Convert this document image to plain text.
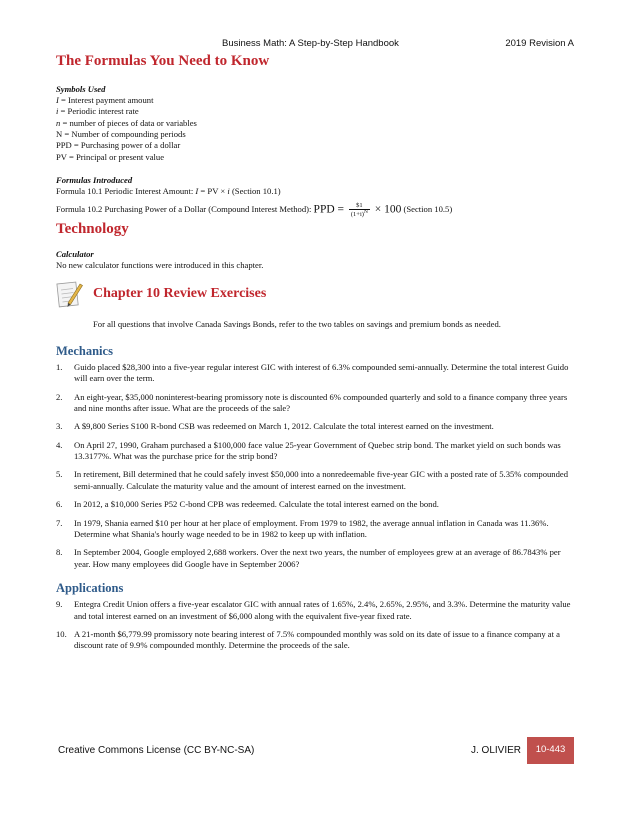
Business Math: A Step-by-Step Handbook	2019 Revision A
The Formulas You Need to Know

Symbols Used

I = Interest payment amount

i = Periodic interest rate

n = number of pieces of data or variables

N = Number of compounding periods

PPD = Purchasing power of a dollar

PV = Principal or present value

Formulas Introduced

Formula 10.1 Periodic Interest Amount: I = PV × i (Section 10.1)

Formula 10.2 Purchasing Power of a Dollar (Compound Interest Method): PPD = $\frac{\$1}{(1+i)^N} \times 100$ (Section 10.5)

Technology

Calculator

No new calculator functions were introduced in this chapter.

Chapter 10 Review Exercises

For all questions that involve Canada Savings Bonds, refer to the two tables on savings and premium bonds as needed.

Mechanics
1.	Guido placed $28,300 into a five-year regular interest GIC with interest of 6.3% compounded semi-annually. Determine the total interest Guido will earn over the term.
2.	An eight-year, $35,000 noninterest-bearing promissory note is discounted 6% compounded quarterly and sold to a finance company three years and nine months after issue. What are the proceeds of the sale?
3.	A $9,800 Series S100 R-bond CSB was redeemed on March 1, 2012. Calculate the total interest earned on the investment.
4.	On April 27, 1990, Graham purchased a $100,000 face value 25-year Government of Quebec strip bond. The market yield on such bonds was 13.3177%. What was the purchase price for the strip bond?
5.	In retirement, Bill determined that he could safely invest $50,000 into a nonredeemable five-year GIC with a posted rate of 5.35% compounded semi-annually. Calculate the maturity value and the amount of interest earned on the investment.
6.	In 2012, a $10,000 Series P52 C-bond CPB was redeemed. Calculate the total interest earned on the bond.
7.	In 1979, Shania earned $10 per hour at her place of employment. From 1979 to 1982, the average annual inflation in Canada was 11.36%. Determine what Shania's hourly wage needed to be in 1982 to keep up with inflation.
8.	In September 2004, Google employed 2,688 workers. Over the next two years, the number of employees grew at an average of 86.7843% per year. How many employees did Google have in September 2006?
Applications
9.	Entegra Credit Union offers a five-year escalator GIC with annual rates of 1.65%, 2.4%, 2.65%, 2.95%, and 3.3%. Determine the maturity value and total interest earned on an investment of $6,000 along with the equivalent five-year fixed rate.
10. A 21-month $6,779.99 promissory note bearing interest of 7.5% compounded monthly was sold on its date of issue to a finance company at a discount rate of 9.9% compounded monthly. Determine the proceeds of the sale.
Creative Commons License (CC BY-NC-SA)	J. OLIVIER	10-443
